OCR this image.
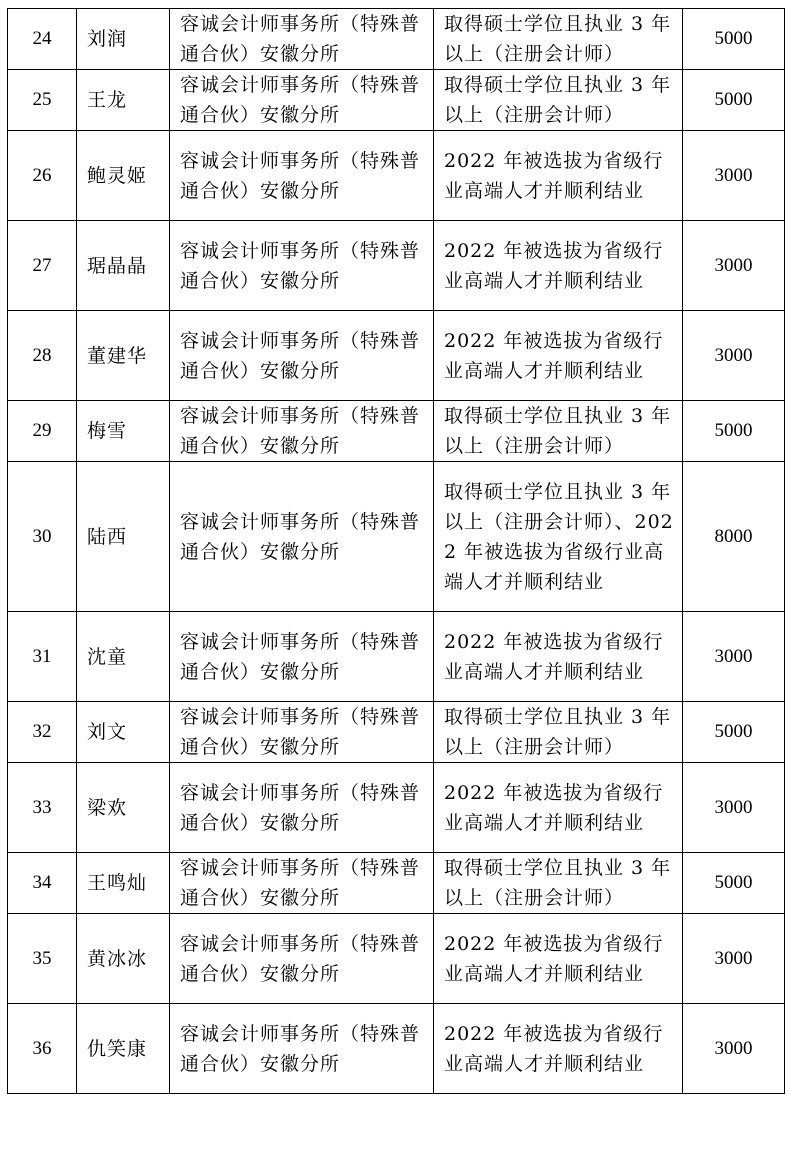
24	刘润	容诚会计师事务所（特殊普通合伙）安徽分所	取得硕士学位且执业 3 年以上（注册会计师）	5000

25	王龙	容诚会计师事务所（特殊普通合伙）安徽分所	取得硕士学位且执业 3 年以上（注册会计师）	5000

26	鲍灵姬	容诚会计师事务所（特殊普通合伙）安徽分所	2022 年被选拔为省级行业高端人才并顺利结业	3000

27	琚晶晶	容诚会计师事务所（特殊普通合伙）安徽分所	2022 年被选拔为省级行业高端人才并顺利结业	3000

28	董建华	容诚会计师事务所（特殊普通合伙）安徽分所	2022 年被选拔为省级行业高端人才并顺利结业	3000

29	梅雪	容诚会计师事务所（特殊普通合伙）安徽分所	取得硕士学位且执业 3 年以上（注册会计师）	5000

30	陆西	容诚会计师事务所（特殊普通合伙）安徽分所	取得硕士学位且执业 3 年以上（注册会计师）、2022 年被选拔为省级行业高端人才并顺利结业	8000

31	沈童	容诚会计师事务所（特殊普通合伙）安徽分所	2022 年被选拔为省级行业高端人才并顺利结业	3000

32	刘文	容诚会计师事务所（特殊普通合伙）安徽分所	取得硕士学位且执业 3 年以上（注册会计师）	5000

33	梁欢	容诚会计师事务所（特殊普通合伙）安徽分所	2022 年被选拔为省级行业高端人才并顺利结业	3000

34	王鸣灿	容诚会计师事务所（特殊普通合伙）安徽分所	取得硕士学位且执业 3 年以上（注册会计师）	5000

35	黄冰冰	容诚会计师事务所（特殊普通合伙）安徽分所	2022 年被选拔为省级行业高端人才并顺利结业	3000

36	仇笑康	容诚会计师事务所（特殊普通合伙）安徽分所	2022 年被选拔为省级行业高端人才并顺利结业	3000
